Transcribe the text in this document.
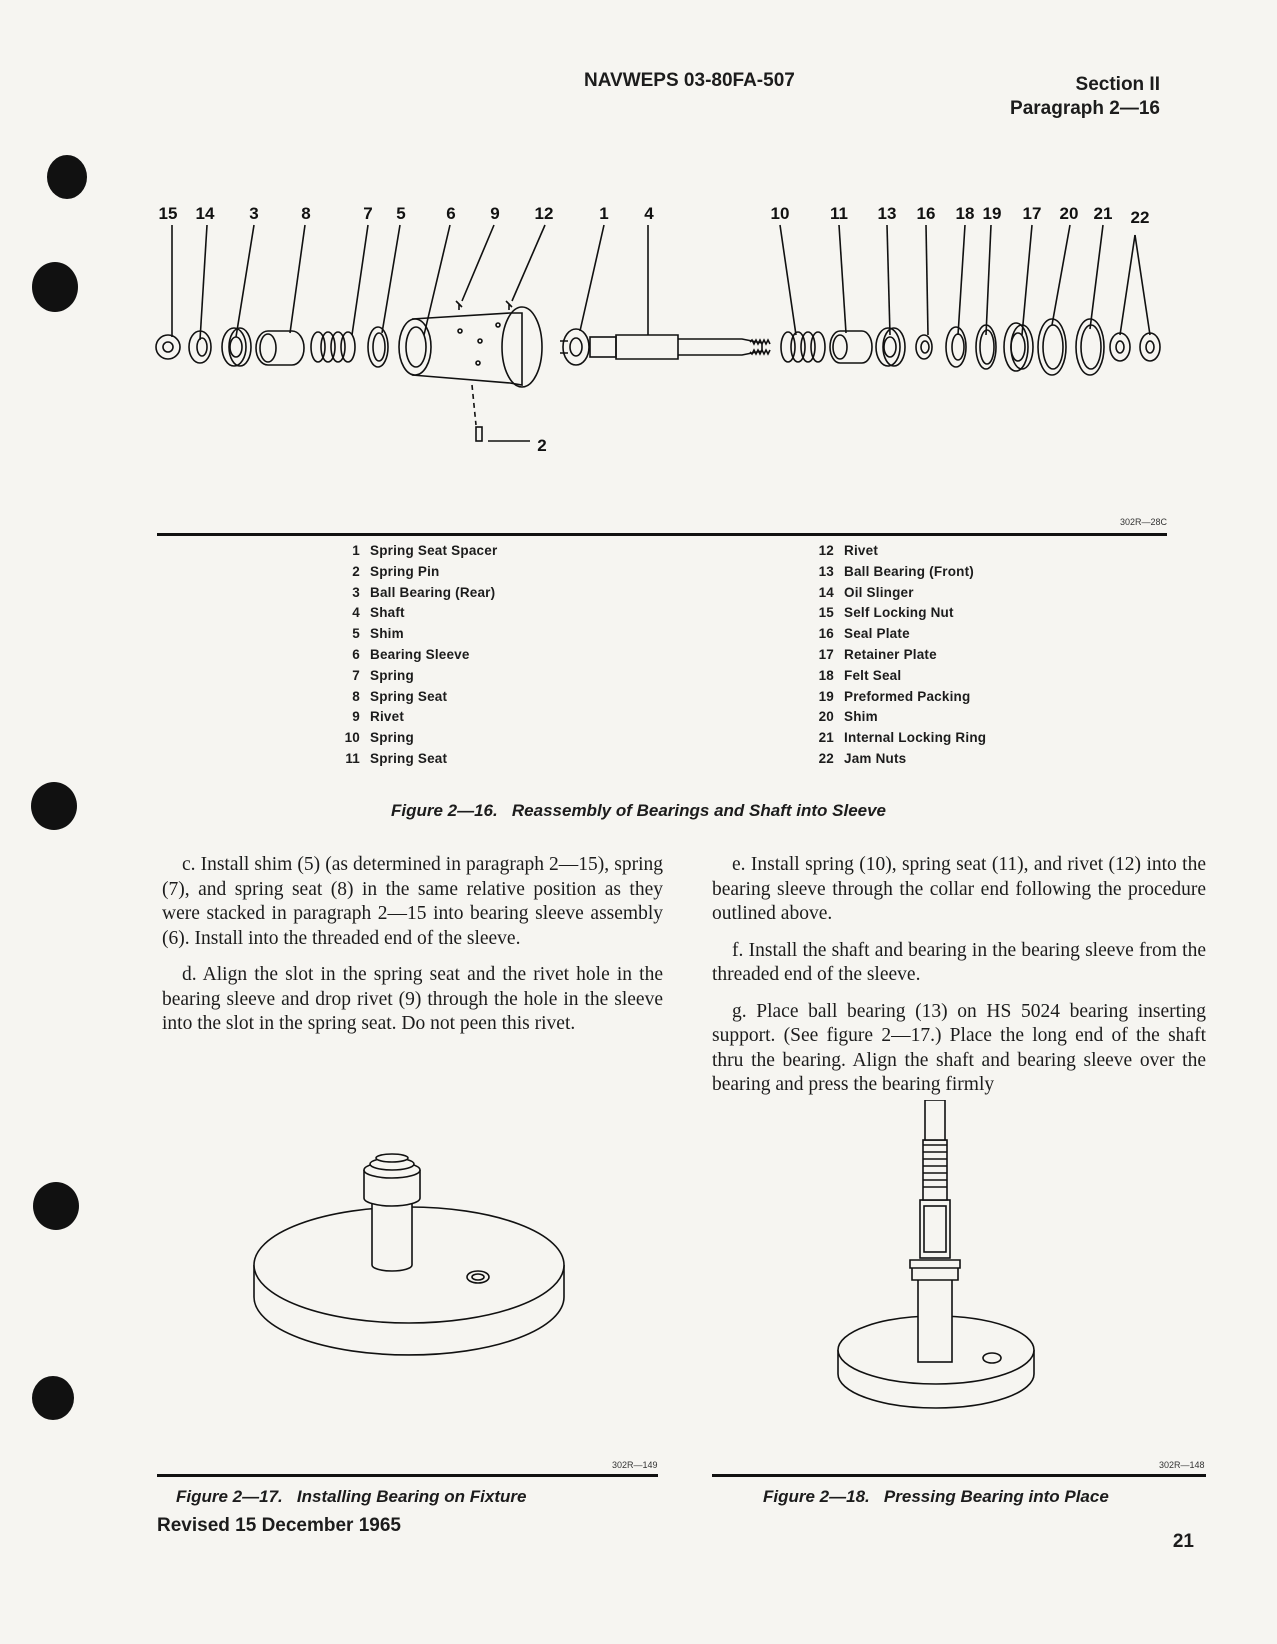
NAVWEPS 03-80FA-507	Section II
Paragraph 2—16
15 14 3	8	7 5 6 9 12	1 4	10 11 13 16 18 19 17 20 21 22
2
302R—28C
1 Spring Seat Spacer
2 Spring Pin
3 Ball Bearing (Rear)
4 Shaft
5 Shim
6 Bearing Sleeve
7 Spring
8 Spring Seat
9 Rivet
10 Spring
11 Spring Seat
12 Rivet
13 Ball Bearing (Front)
14 Oil Slinger
15 Self Locking Nut
16 Seal Plate
17 Retainer Plate
18 Felt Seal
19 Preformed Packing
20 Shim
21 Internal Locking Ring
22 Jam Nuts
Figure 2—16.   Reassembly of Bearings and Shaft into Sleeve

c. Install shim (5) (as determined in paragraph 2—15), spring (7), and spring seat (8) in the same relative position as they were stacked in paragraph 2—15 into bearing sleeve assembly (6). Install into the threaded end of the sleeve.

d. Align the slot in the spring seat and the rivet hole in the bearing sleeve and drop rivet (9) through the hole in the sleeve into the slot in the spring seat. Do not peen this rivet.

e. Install spring (10), spring seat (11), and rivet (12) into the bearing sleeve through the collar end following the procedure outlined above.

f. Install the shaft and bearing in the bearing sleeve from the threaded end of the sleeve.

g. Place ball bearing (13) on HS 5024 bearing inserting support. (See figure 2—17.) Place the long end of the shaft thru the bearing. Align the shaft and bearing sleeve over the bearing and press the bearing firmly

302R—149
Figure 2—17.   Installing Bearing on Fixture
302R—148
Figure 2—18.   Pressing Bearing into Place
Revised 15 December 1965
21
